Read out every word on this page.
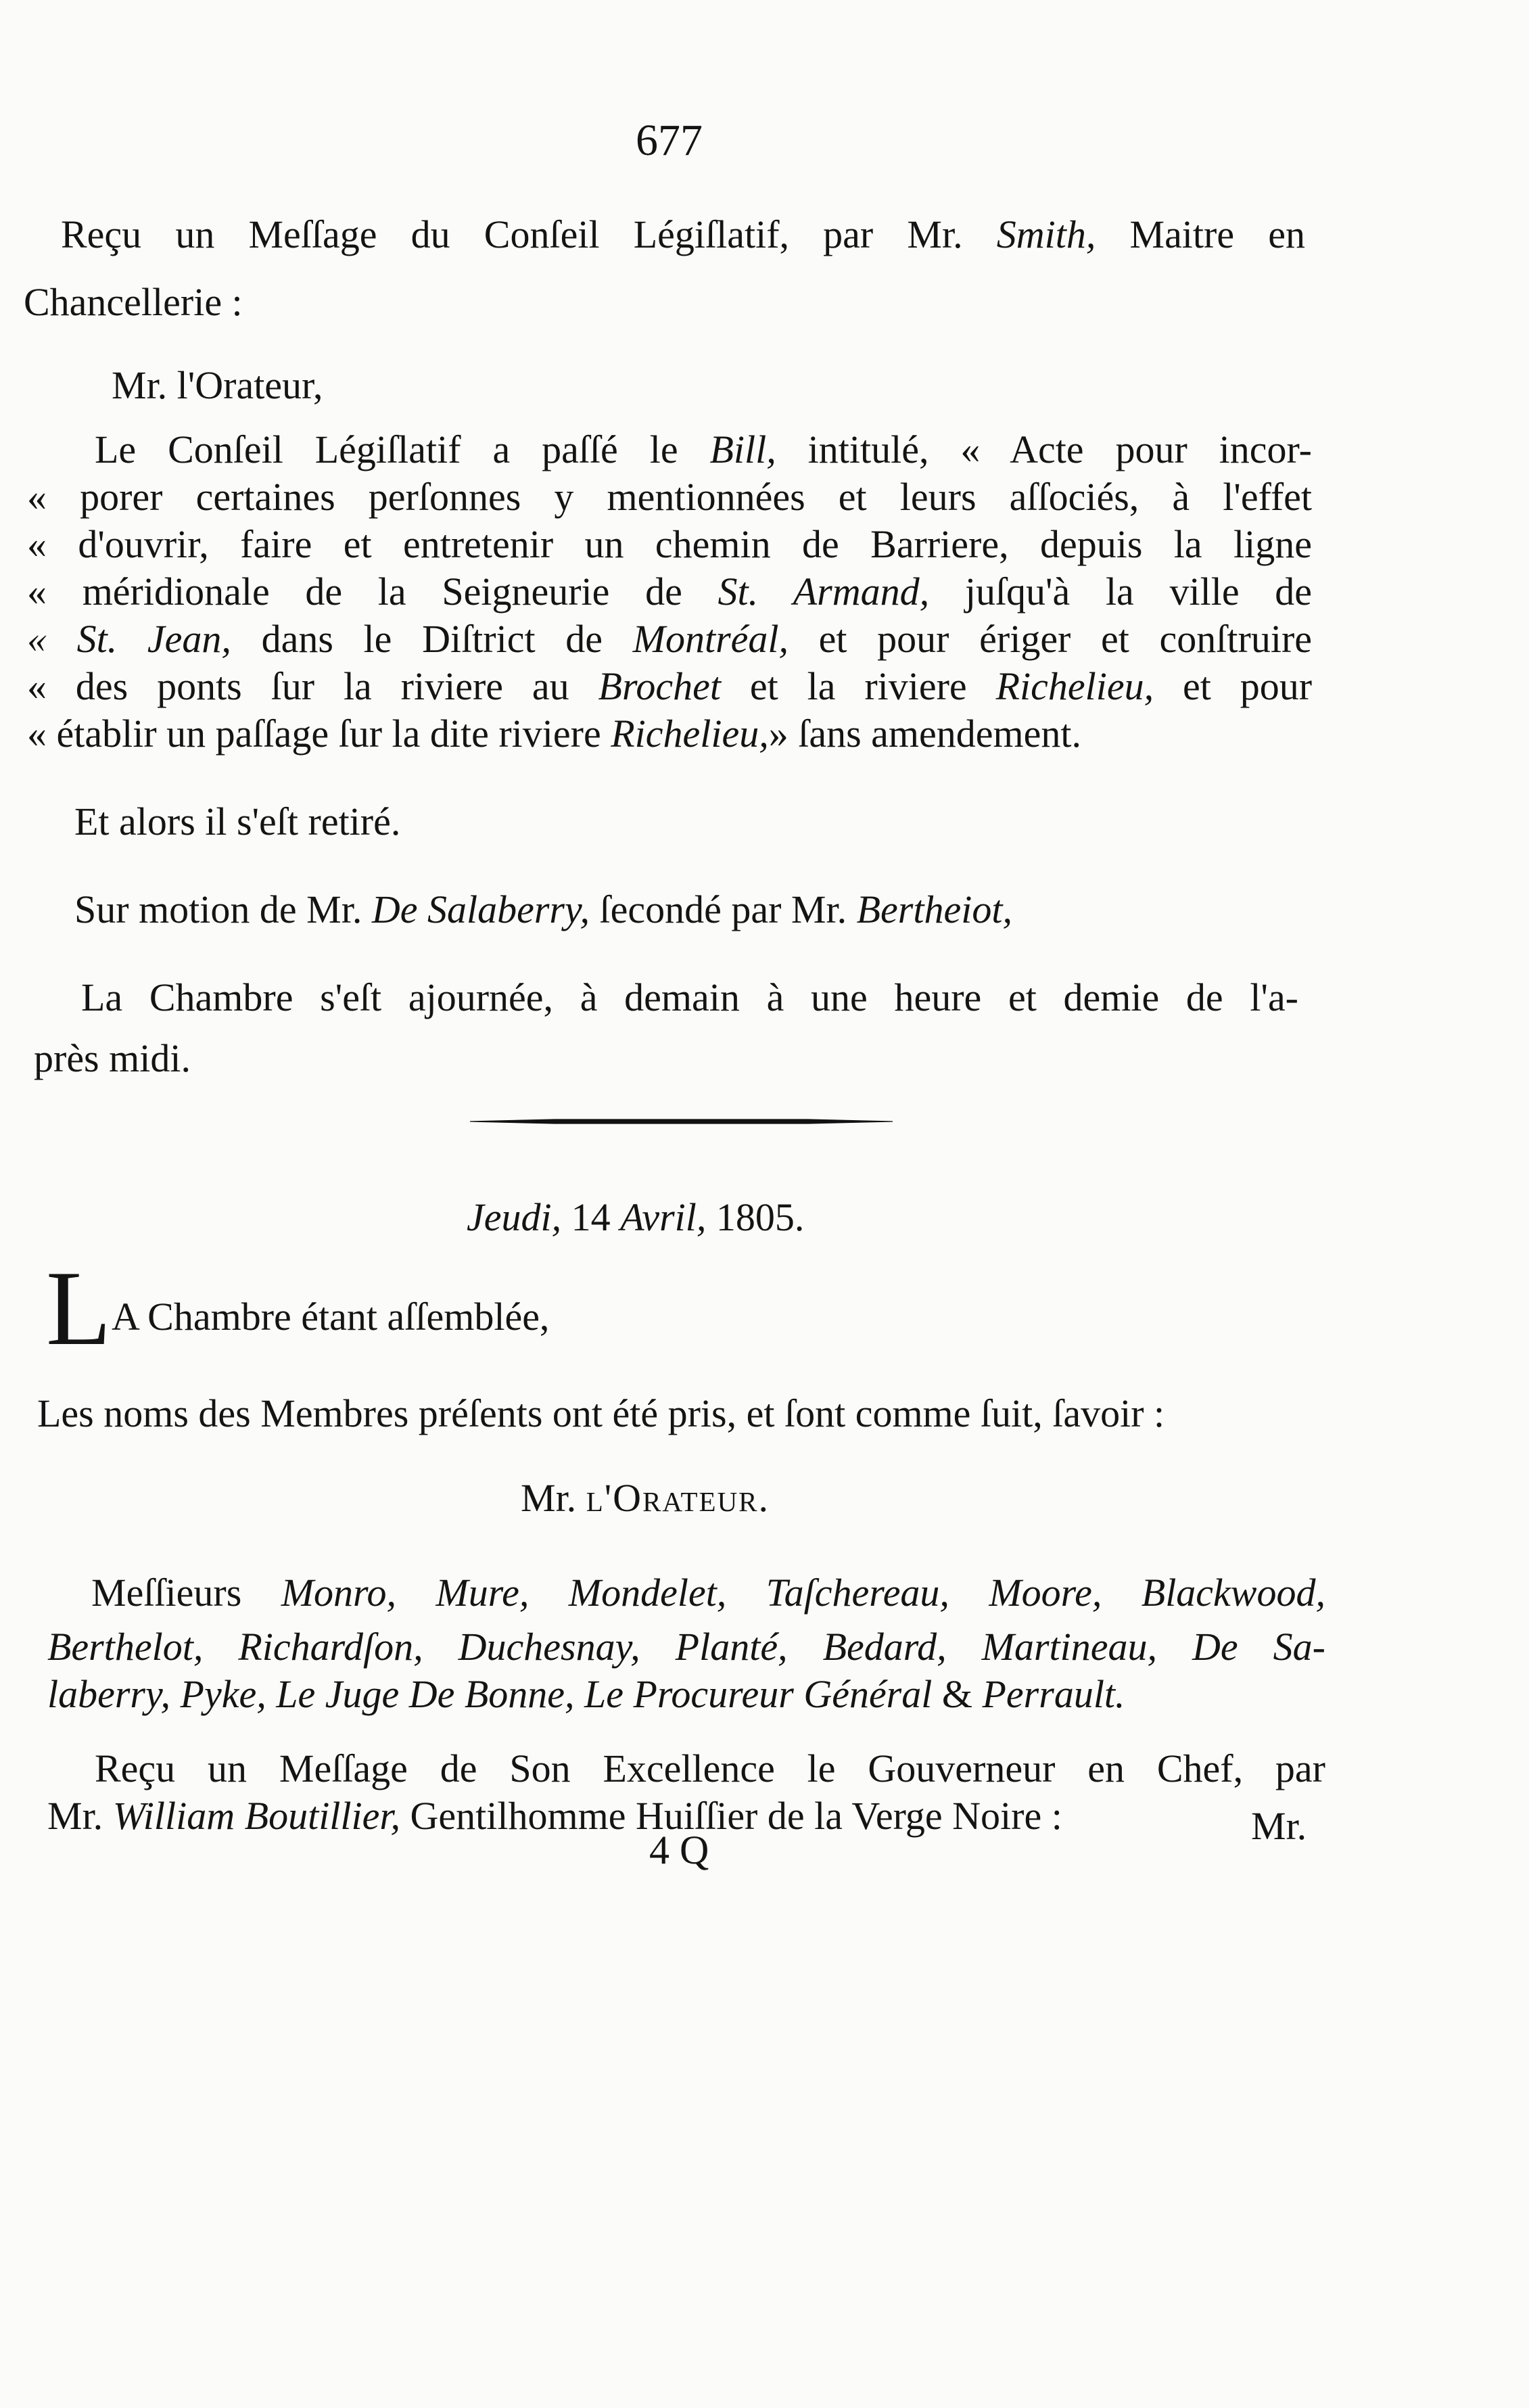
677
Reçu un Meſſage du Conſeil Légiſlatif, par Mr. Smith, Maitre en
Chancellerie :
Mr. l'Orateur,
Le Conſeil Légiſlatif a paſſé le Bill, intitulé, « Acte pour incor-
« porer certaines perſonnes y mentionnées et leurs aſſociés, à l'effet
« d'ouvrir, faire et entretenir un chemin de Barriere, depuis la ligne
« méridionale de la Seigneurie de St. Armand, juſqu'à la ville de
« St. Jean, dans le Diſtrict de Montréal, et pour ériger et conſtruire
« des ponts ſur la riviere au Brochet et la riviere Richelieu, et pour
« établir un paſſage ſur la dite riviere Richelieu,» ſans amendement.
Et alors il s'eſt retiré.
Sur motion de Mr. De Salaberry, ſecondé par Mr. Bertheiot,
La Chambre s'eſt ajournée, à demain à une heure et demie de l'a-
près midi.
Jeudi, 14 Avril, 1805.
L A Chambre étant aſſemblée,
Les noms des Membres préſents ont été pris, et ſont comme ſuit, ſavoir :
Mr. l'Orateur.
Meſſieurs Monro, Mure, Mondelet, Taſchereau, Moore, Blackwood,
Berthelot, Richardſon, Duchesnay, Planté, Bedard, Martineau, De Sa-
laberry, Pyke, Le Juge De Bonne, Le Procureur Général & Perrault.
Reçu un Meſſage de Son Excellence le Gouverneur en Chef, par
Mr. William Boutillier, Gentilhomme Huiſſier de la Verge Noire :	Mr.
4 Q
